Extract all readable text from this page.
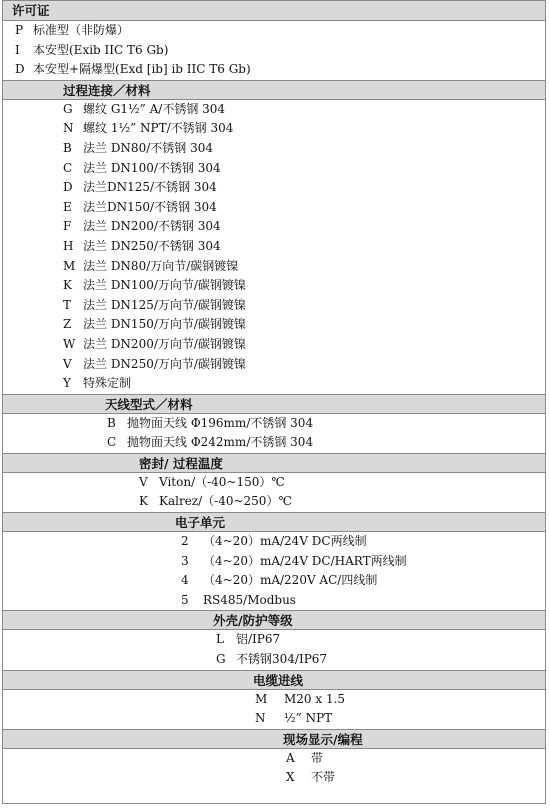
许可证
P 标准型（非防爆）
I 本安型(Exib IIC T6 Gb)
D 本安型+隔爆型(Exd [ib] ib IIC T6 Gb)
过程连接／材料
G 螺纹 G1½” A/不锈钢 304
N 螺纹 1½” NPT/不锈钢 304
B 法兰 DN80/不锈钢 304
C 法兰 DN100/不锈钢 304
D 法兰DN125/不锈钢 304
E 法兰DN150/不锈钢 304
F 法兰 DN200/不锈钢 304
H 法兰 DN250/不锈钢 304
M 法兰 DN80/万向节/碳钢镀镍
K 法兰 DN100/万向节/碳钢镀镍
T 法兰 DN125/万向节/碳钢镀镍
Z 法兰 DN150/万向节/碳钢镀镍
W 法兰 DN200/万向节/碳钢镀镍
V 法兰 DN250/万向节/碳钢镀镍
Y 特殊定制
天线型式／材料
B 抛物面天线 Φ196mm/不锈钢 304
C 抛物面天线 Φ242mm/不锈钢 304
密封/ 过程温度
V Viton/（-40~150）℃
K Kalrez/（-40~250）℃
电子单元
2 （4~20）mA/24V DC两线制
3 （4~20）mA/24V DC/HART两线制
4 （4~20）mA/220V AC/四线制
5 RS485/Modbus
外壳/防护等级
L 铝/IP67
G 不锈钢304/IP67
电缆进线
M M20 x 1.5
N ½” NPT
现场显示/编程
A 带
X 不带
